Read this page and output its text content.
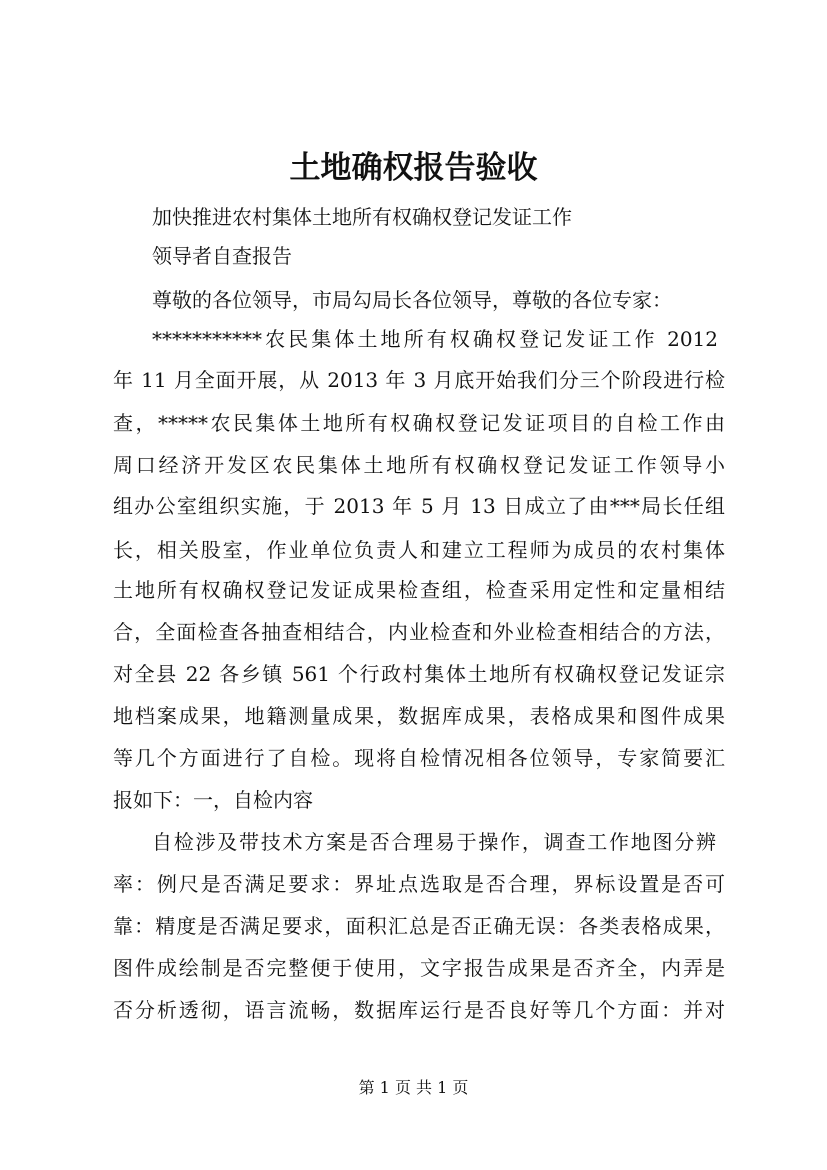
土地确权报告验收
加快推进农村集体土地所有权确权登记发证工作
领导者自查报告
尊敬的各位领导，市局勾局长各位领导，尊敬的各位专家：
***********农民集体土地所有权确权登记发证工作 2012
年 11 月全面开展，从 2013 年 3 月底开始我们分三个阶段进行检
查，*****农民集体土地所有权确权登记发证项目的自检工作由
周口经济开发区农民集体土地所有权确权登记发证工作领导小
组办公室组织实施，于 2013 年 5 月 13 日成立了由***局长任组
长，相关股室，作业单位负责人和建立工程师为成员的农村集体
土地所有权确权登记发证成果检查组，检查采用定性和定量相结
合，全面检查各抽查相结合，内业检查和外业检查相结合的方法，
对全县 22 各乡镇 561 个行政村集体土地所有权确权登记发证宗
地档案成果，地籍测量成果，数据库成果，表格成果和图件成果
等几个方面进行了自检。现将自检情况相各位领导，专家简要汇
报如下：一，自检内容
自检涉及带技术方案是否合理易于操作，调查工作地图分辨
率：例尺是否满足要求：界址点选取是否合理，界标设置是否可
靠：精度是否满足要求，面积汇总是否正确无误：各类表格成果，
图件成绘制是否完整便于使用，文字报告成果是否齐全，内弄是
否分析透彻，语言流畅，数据库运行是否良好等几个方面：并对
第 1 页 共 1 页
